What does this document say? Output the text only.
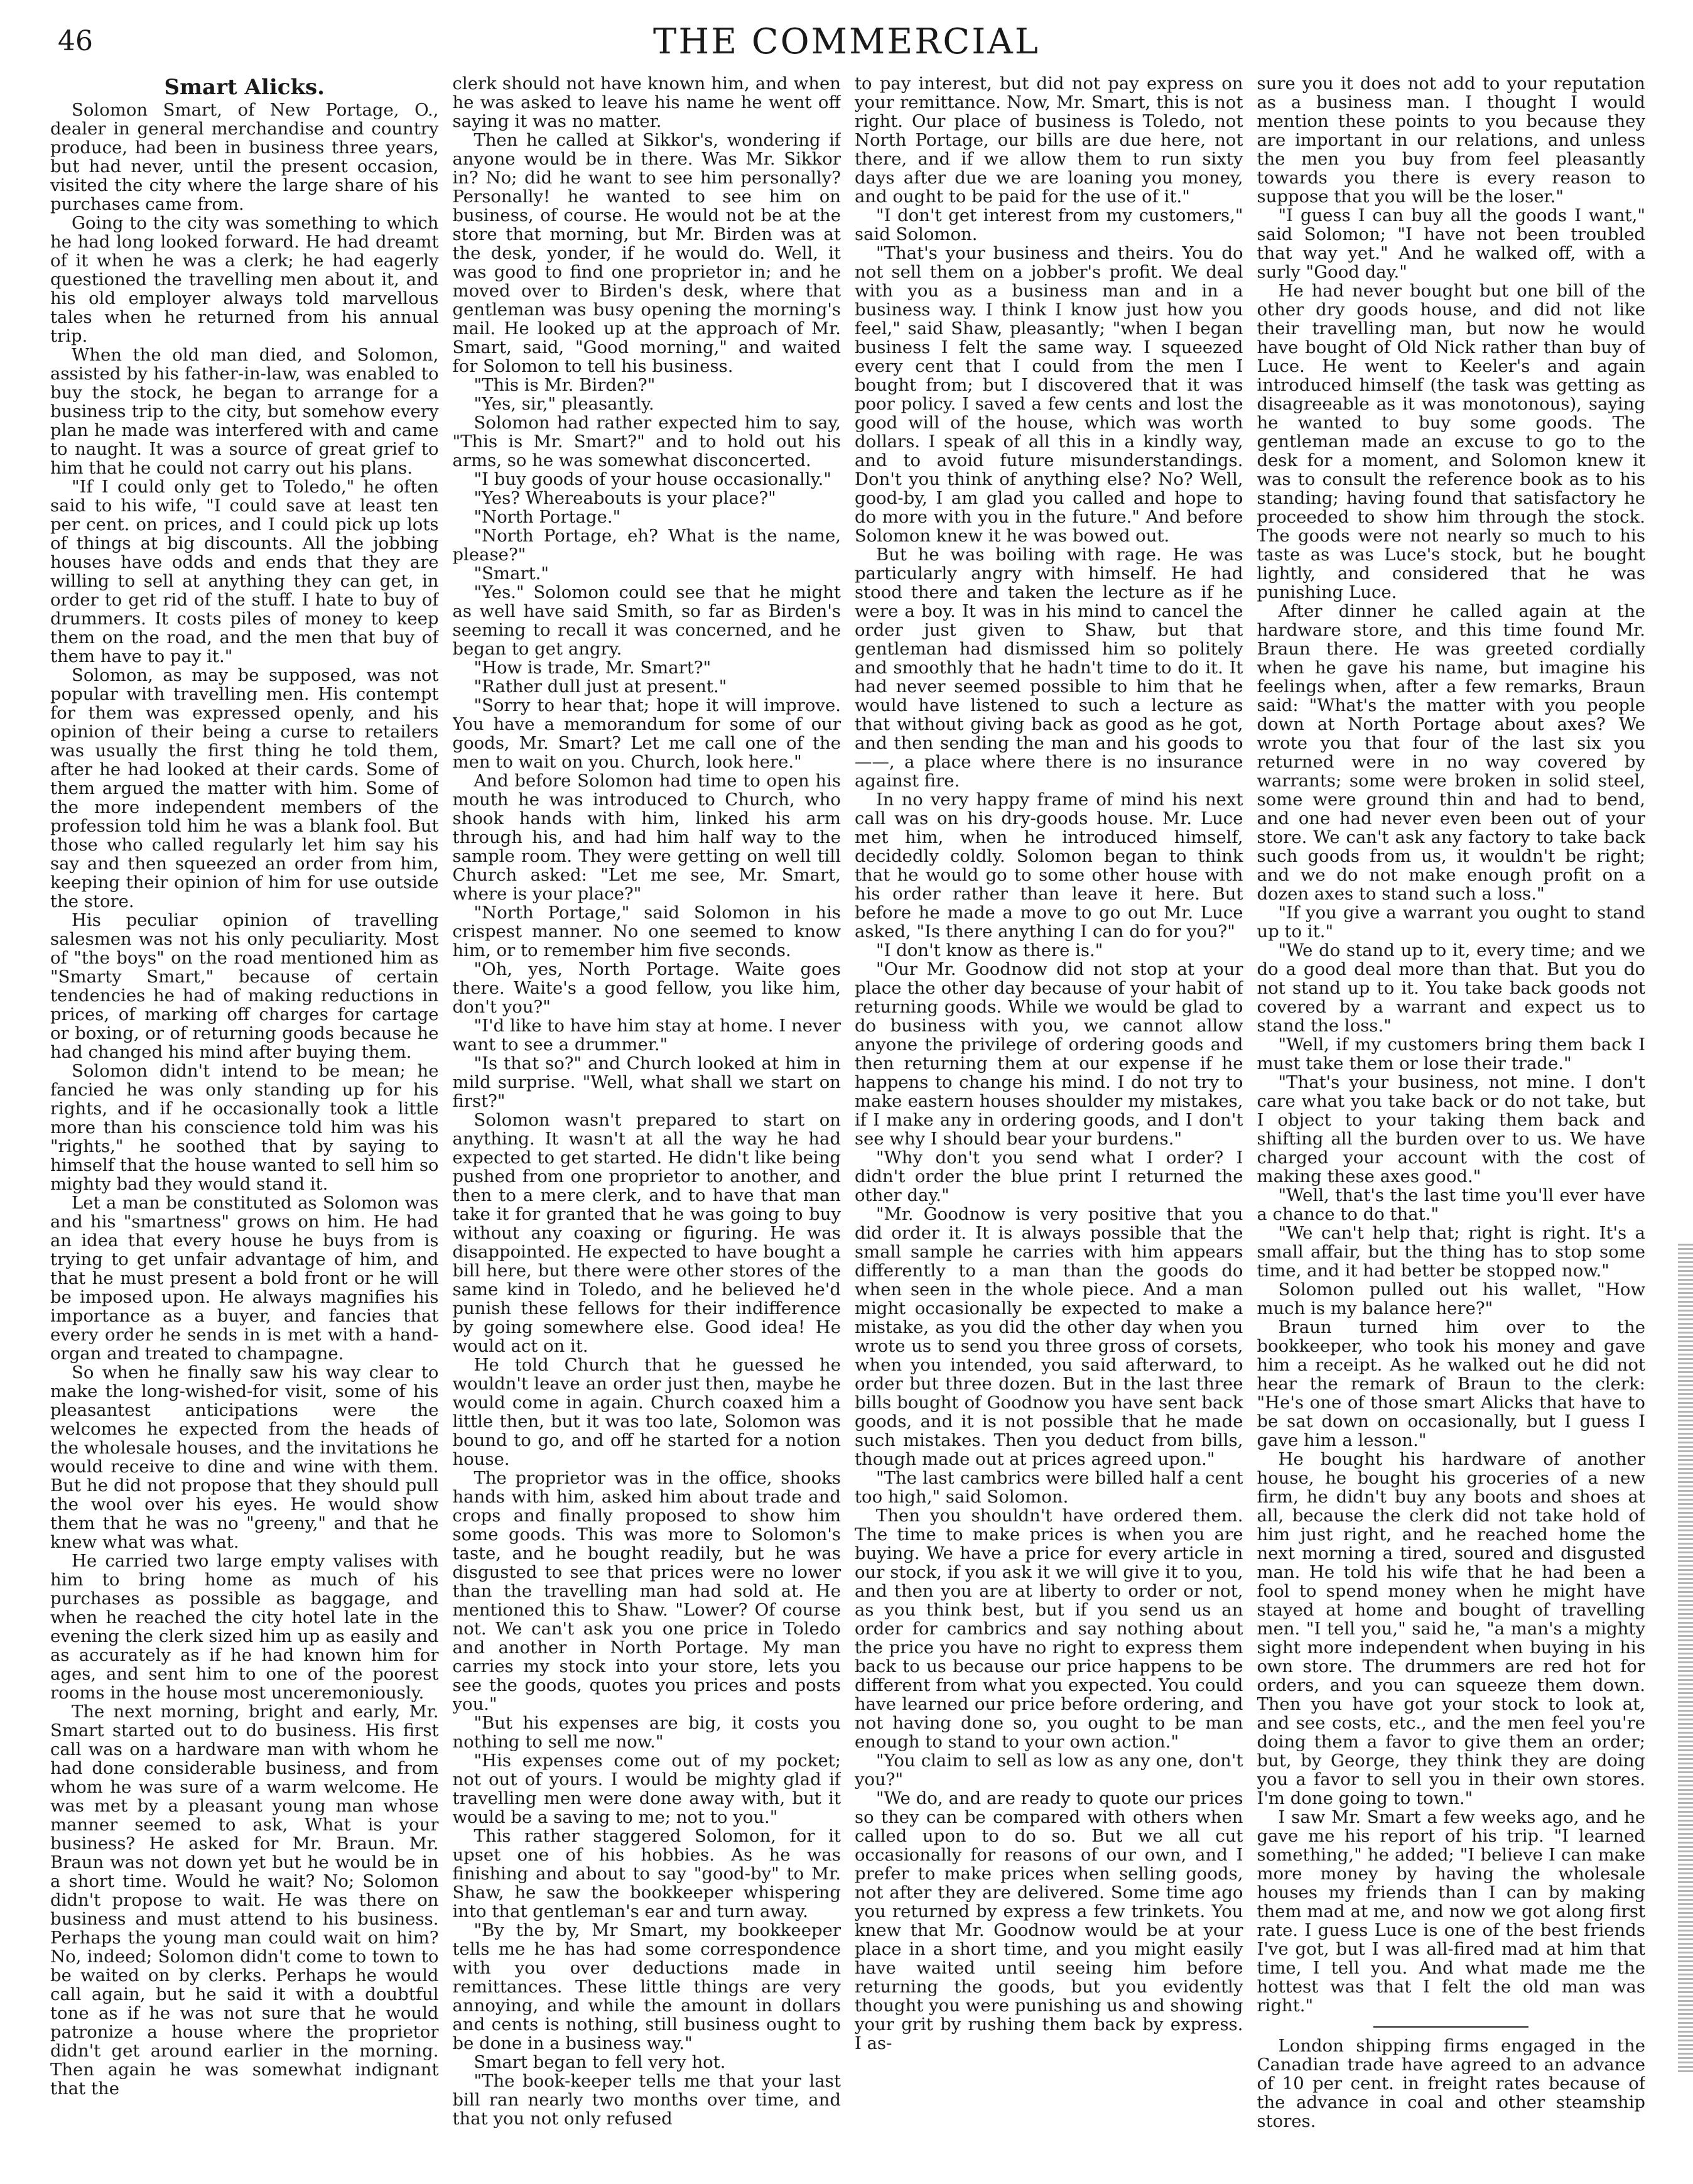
46	THE COMMERCIAL
Smart Alicks.

Solomon Smart, of New Portage, O., dealer in general merchandise and country produce, had been in business three years, but had never, until the present occasion, visited the city where the large share of his purchases came from.

Going to the city was something to which he had long looked forward. He had dreamt of it when he was a clerk; he had eagerly questioned the travelling men about it, and his old employer always told marvellous tales when he returned from his annual trip.

When the old man died, and Solomon, assisted by his father-in-law, was enabled to buy the stock, he began to arrange for a business trip to the city, but somehow every plan he made was interfered with and came to naught. It was a source of great grief to him that he could not carry out his plans.

"If I could only get to Toledo," he often said to his wife, "I could save at least ten per cent. on prices, and I could pick up lots of things at big discounts. All the jobbing houses have odds and ends that they are willing to sell at anything they can get, in order to get rid of the stuff. I hate to buy of drummers. It costs piles of money to keep them on the road, and the men that buy of them have to pay it."

Solomon, as may be supposed, was not popular with travelling men. His contempt for them was expressed openly, and his opinion of their being a curse to retailers was usually the first thing he told them, after he had looked at their cards. Some of them argued the matter with him. Some of the more independent members of the profession told him he was a blank fool. But those who called regularly let him say his say and then squeezed an order from him, keeping their opinion of him for use outside the store.

His peculiar opinion of travelling salesmen was not his only peculiarity. Most of "the boys" on the road mentioned him as "Smarty Smart," because of certain tendencies he had of making reductions in prices, of marking off charges for cartage or boxing, or of returning goods because he had changed his mind after buying them.

Solomon didn't intend to be mean; he fancied he was only standing up for his rights, and if he occasionally took a little more than his conscience told him was his "rights," he soothed that by saying to himself that the house wanted to sell him so mighty bad they would stand it.

Let a man be constituted as Solomon was and his "smartness" grows on him. He had an idea that every house he buys from is trying to get unfair advantage of him, and that he must present a bold front or he will be imposed upon. He always magnifies his importance as a buyer, and fancies that every order he sends in is met with a hand-organ and treated to champagne.

So when he finally saw his way clear to make the long-wished-for visit, some of his pleasantest anticipations were the welcomes he expected from the heads of the wholesale houses, and the invitations he would receive to dine and wine with them. But he did not propose that they should pull the wool over his eyes. He would show them that he was no "greeny," and that he knew what was what.

He carried two large empty valises with him to bring home as much of his purchases as possible as baggage, and when he reached the city hotel late in the evening the clerk sized him up as easily and as accurately as if he had known him for ages, and sent him to one of the poorest rooms in the house most unceremoniously.

The next morning, bright and early, Mr. Smart started out to do business. His first call was on a hardware man with whom he had done considerable business, and from whom he was sure of a warm welcome. He was met by a pleasant young man whose manner seemed to ask, What is your business? He asked for Mr. Braun. Mr. Braun was not down yet but he would be in a short time. Would he wait? No; Solomon didn't propose to wait. He was there on business and must attend to his business. Perhaps the young man could wait on him? No, indeed; Solomon didn't come to town to be waited on by clerks. Perhaps he would call again, but he said it with a doubtful tone as if he was not sure that he would patronize a house where the proprietor didn't get around earlier in the morning. Then again he was somewhat indignant that the

clerk should not have known him, and when he was asked to leave his name he went off saying it was no matter.

Then he called at Sikkor's, wondering if anyone would be in there. Was Mr. Sikkor in? No; did he want to see him personally? Personally! he wanted to see him on business, of course. He would not be at the store that morning, but Mr. Birden was at the desk, yonder, if he would do. Well, it was good to find one proprietor in; and he moved over to Birden's desk, where that gentleman was busy opening the morning's mail. He looked up at the approach of Mr. Smart, said, "Good morning," and waited for Solomon to tell his business.

"This is Mr. Birden?"

"Yes, sir," pleasantly.

Solomon had rather expected him to say, "This is Mr. Smart?" and to hold out his arms, so he was somewhat disconcerted.

"I buy goods of your house occasionally."

"Yes? Whereabouts is your place?"

"North Portage."

"North Portage, eh? What is the name, please?"

"Smart."

"Yes." Solomon could see that he might as well have said Smith, so far as Birden's seeming to recall it was concerned, and he began to get angry.

"How is trade, Mr. Smart?"

"Rather dull just at present."

"Sorry to hear that; hope it will improve. You have a memorandum for some of our goods, Mr. Smart? Let me call one of the men to wait on you. Church, look here."

And before Solomon had time to open his mouth he was introduced to Church, who shook hands with him, linked his arm through his, and had him half way to the sample room. They were getting on well till Church asked: "Let me see, Mr. Smart, where is your place?"

"North Portage," said Solomon in his crispest manner. No one seemed to know him, or to remember him five seconds.

"Oh, yes, North Portage. Waite goes there. Waite's a good fellow, you like him, don't you?"

"I'd like to have him stay at home. I never want to see a drummer."

"Is that so?" and Church looked at him in mild surprise. "Well, what shall we start on first?"

Solomon wasn't prepared to start on anything. It wasn't at all the way he had expected to get started. He didn't like being pushed from one proprietor to another, and then to a mere clerk, and to have that man take it for granted that he was going to buy without any coaxing or figuring. He was disappointed. He expected to have bought a bill here, but there were other stores of the same kind in Toledo, and he believed he'd punish these fellows for their indifference by going somewhere else. Good idea! He would act on it.

He told Church that he guessed he wouldn't leave an order just then, maybe he would come in again. Church coaxed him a little then, but it was too late, Solomon was bound to go, and off he started for a notion house.

The proprietor was in the office, shooks hands with him, asked him about trade and crops and finally proposed to show him some goods. This was more to Solomon's taste, and he bought readily, but he was disgusted to see that prices were no lower than the travelling man had sold at. He mentioned this to Shaw. "Lower? Of course not. We can't ask you one price in Toledo and another in North Portage. My man carries my stock into your store, lets you see the goods, quotes you prices and posts you."

"But his expenses are big, it costs you nothing to sell me now."

"His expenses come out of my pocket; not out of yours. I would be mighty glad if travelling men were done away with, but it would be a saving to me; not to you."

This rather staggered Solomon, for it upset one of his hobbies. As he was finishing and about to say "good-by" to Mr. Shaw, he saw the bookkeeper whispering into that gentleman's ear and turn away.

"By the by, Mr Smart, my bookkeeper tells me he has had some correspondence with you over deductions made in remittances. These little things are very annoying, and while the amount in dollars and cents is nothing, still business ought to be done in a business way."

Smart began to fell very hot.

"The book-keeper tells me that your last bill ran nearly two months over time, and that you not only refused

to pay interest, but did not pay express on your remittance. Now, Mr. Smart, this is not right. Our place of business is Toledo, not North Portage, our bills are due here, not there, and if we allow them to run sixty days after due we are loaning you money, and ought to be paid for the use of it."

"I don't get interest from my customers," said Solomon.

"That's your business and theirs. You do not sell them on a jobber's profit. We deal with you as a business man and in a business way. I think I know just how you feel," said Shaw, pleasantly; "when I began business I felt the same way. I squeezed every cent that I could from the men I bought from; but I discovered that it was poor policy. I saved a few cents and lost the good will of the house, which was worth dollars. I speak of all this in a kindly way, and to avoid future misunderstandings. Don't you think of anything else? No? Well, good-by, I am glad you called and hope to do more with you in the future." And before Solomon knew it he was bowed out.

But he was boiling with rage. He was particularly angry with himself. He had stood there and taken the lecture as if he were a boy. It was in his mind to cancel the order just given to Shaw, but that gentleman had dismissed him so politely and smoothly that he hadn't time to do it. It had never seemed possible to him that he would have listened to such a lecture as that without giving back as good as he got, and then sending the man and his goods to ——, a place where there is no insurance against fire.

In no very happy frame of mind his next call was on his dry-goods house. Mr. Luce met him, when he introduced himself, decidedly coldly. Solomon began to think that he would go to some other house with his order rather than leave it here. But before he made a move to go out Mr. Luce asked, "Is there anything I can do for you?"

"I don't know as there is."

"Our Mr. Goodnow did not stop at your place the other day because of your habit of returning goods. While we would be glad to do business with you, we cannot allow anyone the privilege of ordering goods and then returning them at our expense if he happens to change his mind. I do not try to make eastern houses shoulder my mistakes, if I make any in ordering goods, and I don't see why I should bear your burdens."

"Why don't you send what I order? I didn't order the blue print I returned the other day."

"Mr. Goodnow is very positive that you did order it. It is always possible that the small sample he carries with him appears differently to a man than the goods do when seen in the whole piece. And a man might occasionally be expected to make a mistake, as you did the other day when you wrote us to send you three gross of corsets, when you intended, you said afterward, to order but three dozen. But in the last three bills bought of Goodnow you have sent back goods, and it is not possible that he made such mistakes. Then you deduct from bills, though made out at prices agreed upon."

"The last cambrics were billed half a cent too high," said Solomon.

Then you shouldn't have ordered them. The time to make prices is when you are buying. We have a price for every article in our stock, if you ask it we will give it to you, and then you are at liberty to order or not, as you think best, but if you send us an order for cambrics and say nothing about the price you have no right to express them back to us because our price happens to be different from what you expected. You could have learned our price before ordering, and not having done so, you ought to be man enough to stand to your own action."

"You claim to sell as low as any one, don't you?"

"We do, and are ready to quote our prices so they can be compared with others when called upon to do so. But we all cut occasionally for reasons of our own, and I prefer to make prices when selling goods, not after they are delivered. Some time ago you returned by express a few trinkets. You knew that Mr. Goodnow would be at your place in a short time, and you might easily have waited until seeing him before returning the goods, but you evidently thought you were punishing us and showing your grit by rushing them back by express. I as-

sure you it does not add to your reputation as a business man. I thought I would mention these points to you because they are important in our relations, and unless the men you buy from feel pleasantly towards you there is every reason to suppose that you will be the loser."

"I guess I can buy all the goods I want," said Solomon; "I have not been troubled that way yet." And he walked off, with a surly "Good day."

He had never bought but one bill of the other dry goods house, and did not like their travelling man, but now he would have bought of Old Nick rather than buy of Luce. He went to Keeler's and again introduced himself (the task was getting as disagreeable as it was monotonous), saying he wanted to buy some goods. The gentleman made an excuse to go to the desk for a moment, and Solomon knew it was to consult the reference book as to his standing; having found that satisfactory he proceeded to show him through the stock. The goods were not nearly so much to his taste as was Luce's stock, but he bought lightly, and considered that he was punishing Luce.

After dinner he called again at the hardware store, and this time found Mr. Braun there. He was greeted cordially when he gave his name, but imagine his feelings when, after a few remarks, Braun said: "What's the matter with you people down at North Portage about axes? We wrote you that four of the last six you returned were in no way covered by warrants; some were broken in solid steel, some were ground thin and had to bend, and one had never even been out of your store. We can't ask any factory to take back such goods from us, it wouldn't be right; and we do not make enough profit on a dozen axes to stand such a loss."

"If you give a warrant you ought to stand up to it."

"We do stand up to it, every time; and we do a good deal more than that. But you do not stand up to it. You take back goods not covered by a warrant and expect us to stand the loss."

"Well, if my customers bring them back I must take them or lose their trade."

"That's your business, not mine. I don't care what you take back or do not take, but I object to your taking them back and shifting all the burden over to us. We have charged your account with the cost of making these axes good."

"Well, that's the last time you'll ever have a chance to do that."

"We can't help that; right is right. It's a small affair, but the thing has to stop some time, and it had better be stopped now."

Solomon pulled out his wallet, "How much is my balance here?"

Braun turned him over to the bookkeeper, who took his money and gave him a receipt. As he walked out he did not hear the remark of Braun to the clerk: "He's one of those smart Alicks that have to be sat down on occasionally, but I guess I gave him a lesson."

He bought his hardware of another house, he bought his groceries of a new firm, he didn't buy any boots and shoes at all, because the clerk did not take hold of him just right, and he reached home the next morning a tired, soured and disgusted man. He told his wife that he had been a fool to spend money when he might have stayed at home and bought of travelling men. "I tell you," said he, "a man's a mighty sight more independent when buying in his own store. The drummers are red hot for orders, and you can squeeze them down. Then you have got your stock to look at, and see costs, etc., and the men feel you're doing them a favor to give them an order; but, by George, they think they are doing you a favor to sell you in their own stores. I'm done going to town."

I saw Mr. Smart a few weeks ago, and he gave me his report of his trip. "I learned something," he added; "I believe I can make more money by having the wholesale houses my friends than I can by making them mad at me, and now we got along first rate. I guess Luce is one of the best friends I've got, but I was all-fired mad at him that time, I tell you. And what made me the hottest was that I felt the old man was right."

London shipping firms engaged in the Canadian trade have agreed to an advance of 10 per cent. in freight rates because of the advance in coal and other steamship stores.
